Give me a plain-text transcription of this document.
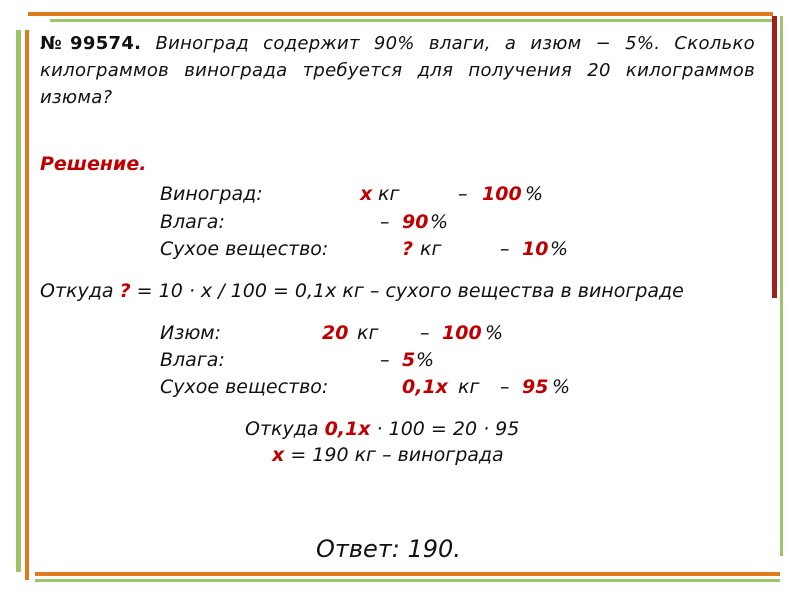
№99574. Виноград содержит 90% влаги, а изюм − 5%. Сколько килограммов винограда требуется для получения 20 килограммов изюма?
Решение.
Виноград:	x кг	– 100 %
Влага:	– 90 %
Сухое вещество:	? кг	– 10 %
Откуда ? = 10 · x / 100 = 0,1x кг – сухого вещества в винограде
Изюм:	20 кг – 100 %
Влага:	– 5 %
Сухое вещество:	0,1x кг – 95 %
Откуда 0,1x · 100 = 20 · 95
x = 190 кг – винограда
Ответ: 190.
